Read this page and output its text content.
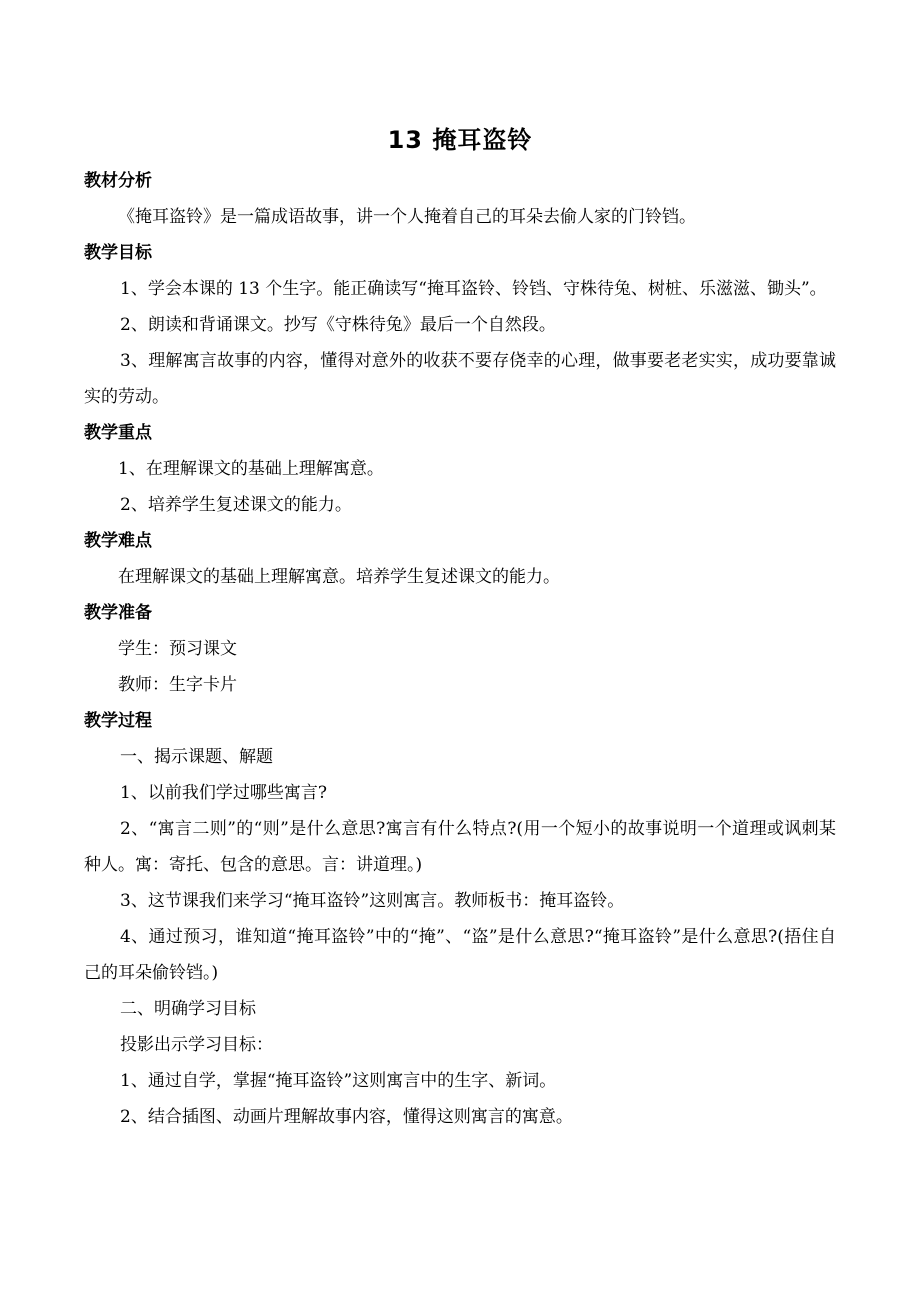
13 掩耳盗铃
教材分析
《掩耳盗铃》是一篇成语故事，讲一个人掩着自己的耳朵去偷人家的门铃铛。
教学目标
1、学会本课的 13 个生字。能正确读写“掩耳盗铃、铃铛、守株待兔、树桩、乐滋滋、锄头”。
2、朗读和背诵课文。抄写《守株待兔》最后一个自然段。
3、理解寓言故事的内容，懂得对意外的收获不要存侥幸的心理，做事要老老实实，成功要靠诚实的劳动。
教学重点
1、在理解课文的基础上理解寓意。
2、培养学生复述课文的能力。
教学难点
在理解课文的基础上理解寓意。培养学生复述课文的能力。
教学准备
学生：预习课文
教师：生字卡片
教学过程
一、揭示课题、解题
1、以前我们学过哪些寓言?
2、“寓言二则”的“则”是什么意思?寓言有什么特点?(用一个短小的故事说明一个道理或讽刺某种人。寓：寄托、包含的意思。言：讲道理。)
3、这节课我们来学习“掩耳盗铃”这则寓言。教师板书：掩耳盗铃。
4、通过预习，谁知道“掩耳盗铃”中的“掩”、“盗”是什么意思?“掩耳盗铃”是什么意思?(捂住自己的耳朵偷铃铛。)
二、明确学习目标
投影出示学习目标：
1、通过自学，掌握“掩耳盗铃”这则寓言中的生字、新词。
2、结合插图、动画片理解故事内容，懂得这则寓言的寓意。
